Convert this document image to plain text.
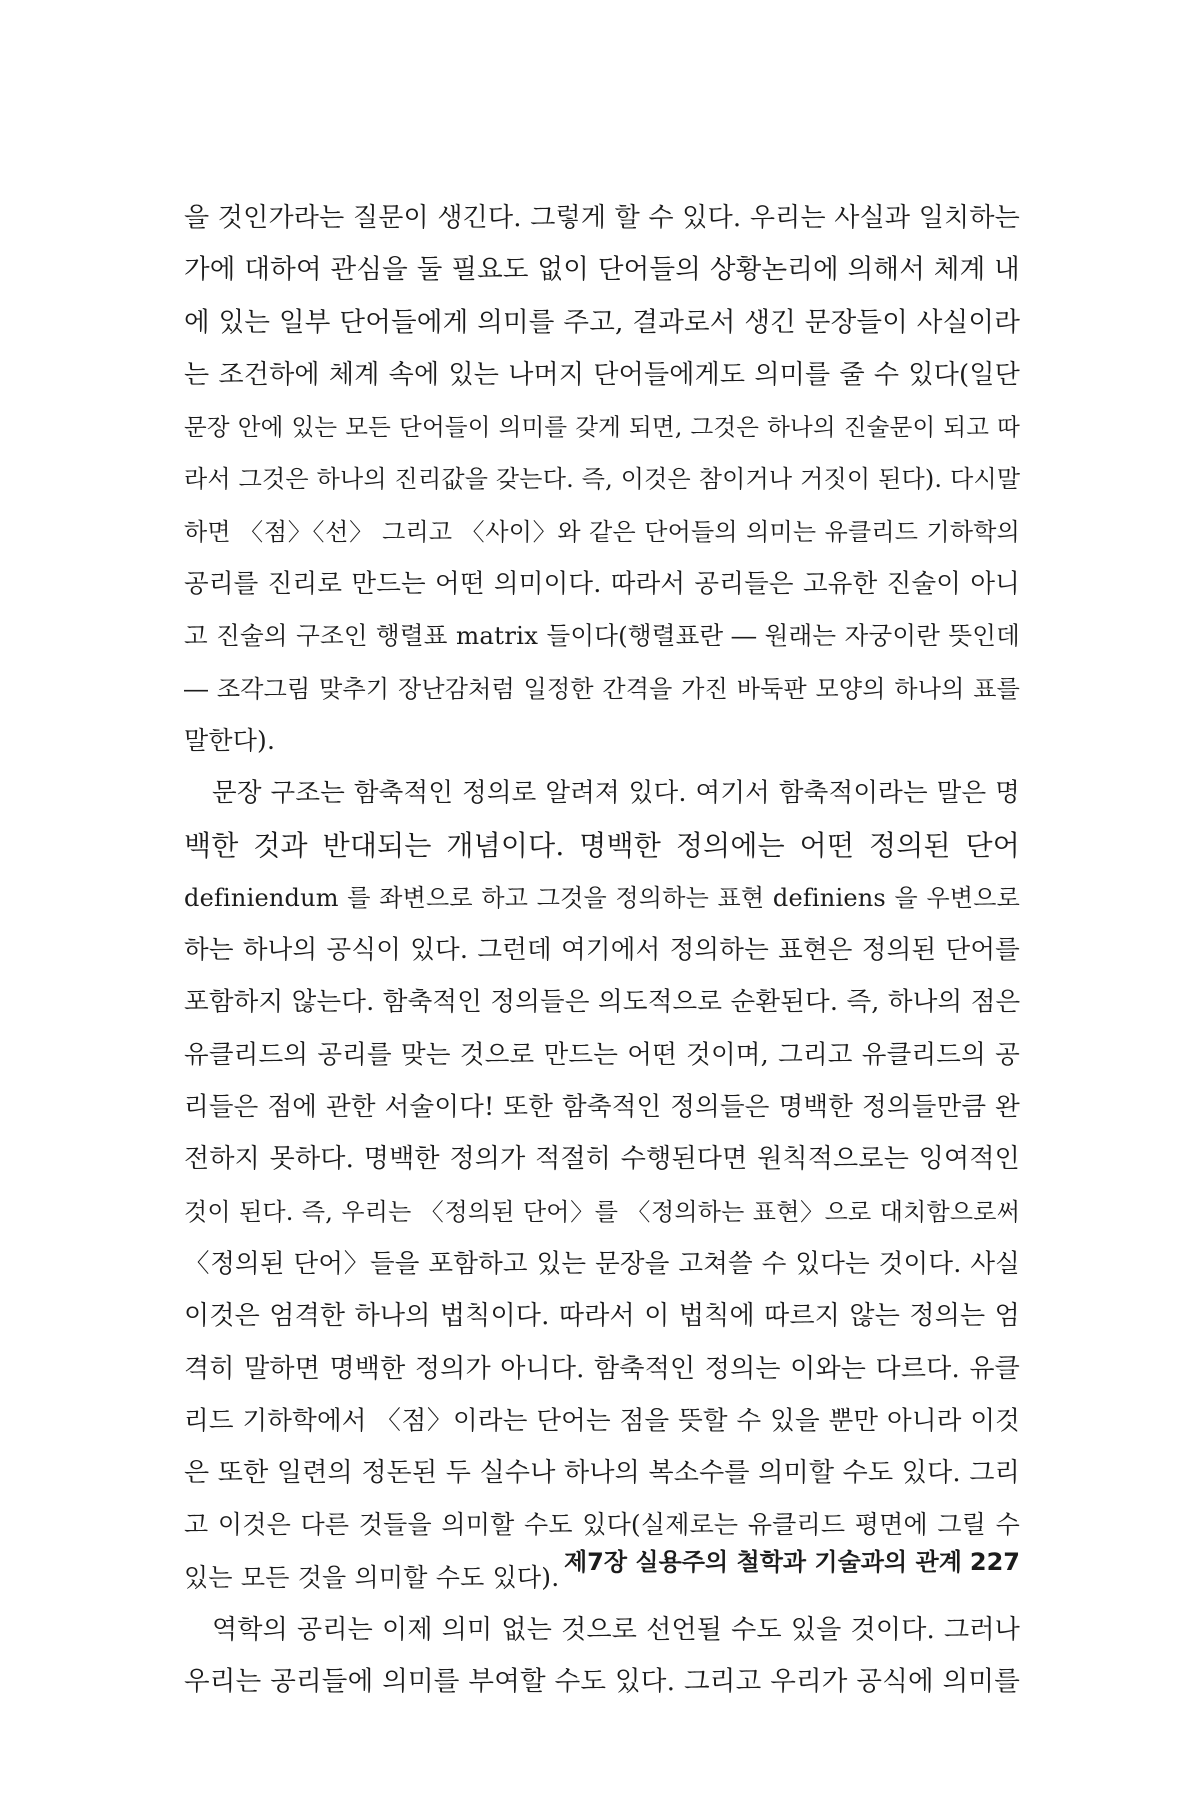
을 것인가라는 질문이 생긴다. 그렇게 할 수 있다. 우리는 사실과 일치하는
가에 대하여 관심을 둘 필요도 없이 단어들의 상황논리에 의해서 체계 내
에 있는 일부 단어들에게 의미를 주고, 결과로서 생긴 문장들이 사실이라
는 조건하에 체계 속에 있는 나머지 단어들에게도 의미를 줄 수 있다(일단
문장 안에 있는 모든 단어들이 의미를 갖게 되면, 그것은 하나의 진술문이 되고 따
라서 그것은 하나의 진리값을 갖는다. 즉, 이것은 참이거나 거짓이 된다). 다시말
하면 〈점〉〈선〉 그리고 〈사이〉와 같은 단어들의 의미는 유클리드 기하학의
공리를 진리로 만드는 어떤 의미이다. 따라서 공리들은 고유한 진술이 아니
고 진술의 구조인 행렬표 matrix 들이다(행렬표란 ― 원래는 자궁이란 뜻인데
― 조각그림 맞추기 장난감처럼 일정한 간격을 가진 바둑판 모양의 하나의 표를
말한다).
문장 구조는 함축적인 정의로 알려져 있다. 여기서 함축적이라는 말은 명
백한 것과 반대되는 개념이다. 명백한 정의에는 어떤 정의된 단어
definiendum 를 좌변으로 하고 그것을 정의하는 표현 definiens 을 우변으로
하는 하나의 공식이 있다. 그런데 여기에서 정의하는 표현은 정의된 단어를
포함하지 않는다. 함축적인 정의들은 의도적으로 순환된다. 즉, 하나의 점은
유클리드의 공리를 맞는 것으로 만드는 어떤 것이며, 그리고 유클리드의 공
리들은 점에 관한 서술이다! 또한 함축적인 정의들은 명백한 정의들만큼 완
전하지 못하다. 명백한 정의가 적절히 수행된다면 원칙적으로는 잉여적인
것이 된다. 즉, 우리는 〈정의된 단어〉를 〈정의하는 표현〉으로 대치함으로써
〈정의된 단어〉들을 포함하고 있는 문장을 고쳐쓸 수 있다는 것이다. 사실
이것은 엄격한 하나의 법칙이다. 따라서 이 법칙에 따르지 않는 정의는 엄
격히 말하면 명백한 정의가 아니다. 함축적인 정의는 이와는 다르다. 유클
리드 기하학에서 〈점〉이라는 단어는 점을 뜻할 수 있을 뿐만 아니라 이것
은 또한 일련의 정돈된 두 실수나 하나의 복소수를 의미할 수도 있다. 그리
고 이것은 다른 것들을 의미할 수도 있다(실제로는 유클리드 평면에 그릴 수
있는 모든 것을 의미할 수도 있다).
역학의 공리는 이제 의미 없는 것으로 선언될 수도 있을 것이다. 그러나
우리는 공리들에 의미를 부여할 수도 있다. 그리고 우리가 공식에 의미를
제7장 실용주의 철학과 기술과의 관계 227
